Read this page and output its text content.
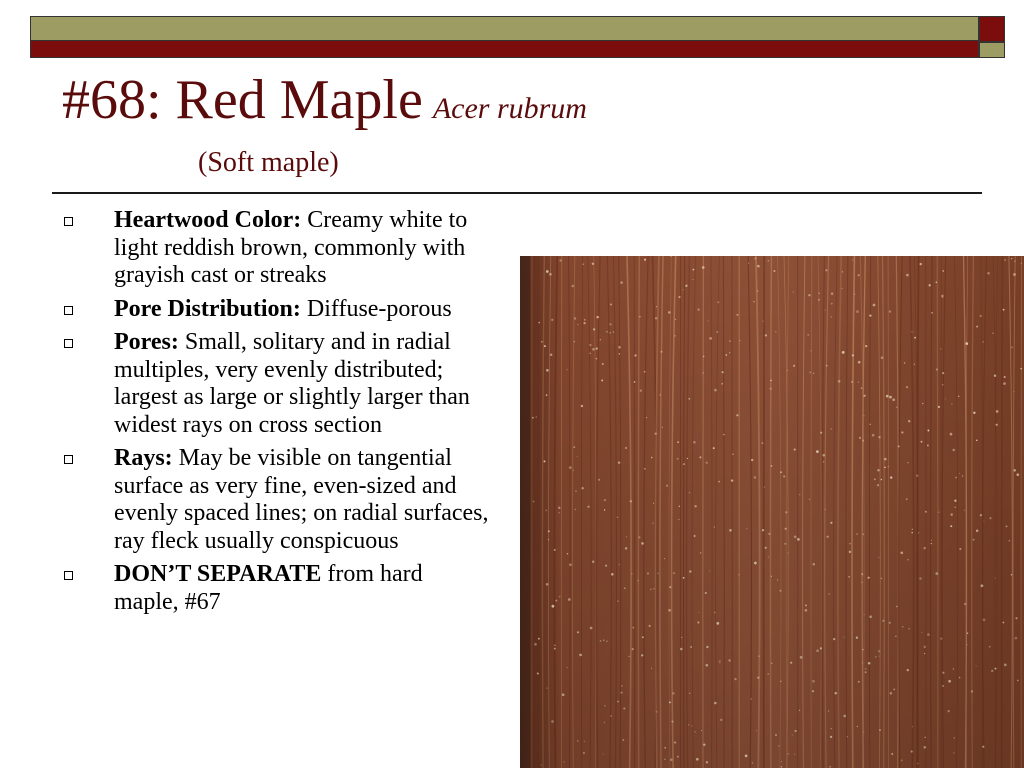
#68: Red Maple Acer rubrum
(Soft maple)
Heartwood Color: Creamy white to light reddish brown, commonly with grayish cast or streaks
Pore Distribution: Diffuse-porous
Pores: Small, solitary and in radial multiples, very evenly distributed; largest as large or slightly larger than widest rays on cross section
Rays: May be visible on tangential surface as very fine, even-sized and evenly spaced lines; on radial surfaces, ray fleck usually conspicuous
DON’T SEPARATE from hard maple, #67
